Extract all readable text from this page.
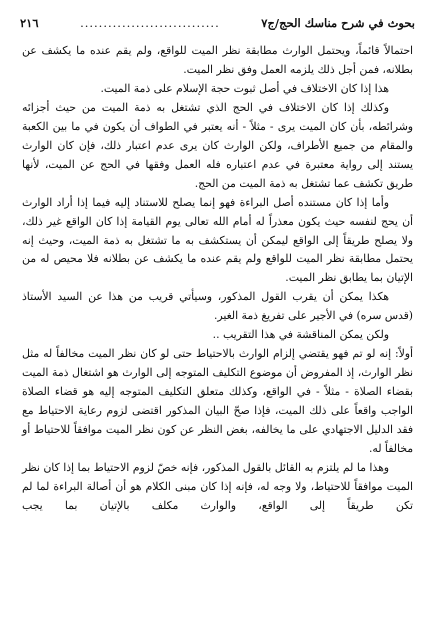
بحوث في شرح مناسك الحج/ج٧
..............................
٢١٦

احتمالاً قائماً، ويحتمل الوارث مطابقة نظر الميت للواقع، ولم يقم عنده ما يكشف عن بطلانه، فمن أجل ذلك يلزمه العمل وفق نظر الميت.

هذا إذا كان الاختلاف في أصل ثبوت حجة الإسلام على ذمة الميت.

وكذلك إذا كان الاختلاف في الحج الذي تشتغل به ذمة الميت من حيث أجزائه وشرائطه، بأن كان الميت يرى - مثلاً - أنه يعتبر في الطواف أن يكون في ما بين الكعبة والمقام من جميع الأطراف، ولكن الوارث كان يرى عدم اعتبار ذلك، فإن كان الوارث يستند إلى رواية معتبرة في عدم اعتباره فله العمل وفقها في الحج عن الميت، لأنها طريق تكشف عما تشتغل به ذمة الميت من الحج.

وأما إذا كان مستنده أصل البراءة فهو إنما يصلح للاستناد إليه فيما إذا أراد الوارث أن يحج لنفسه حيث يكون معذراً له أمام الله تعالى يوم القيامة إذا كان الواقع غير ذلك، ولا يصلح طريقاً إلى الواقع ليمكن أن يستكشف به ما تشتغل به ذمة الميت، وحيث إنه يحتمل مطابقة نظر الميت للواقع ولم يقم عنده ما يكشف عن بطلانه فلا محيص له من الإتيان بما يطابق نظر الميت.

هكذا يمكن أن يقرب القول المذكور، وسيأتي قريب من هذا عن السيد الأستاذ (قدس سره) في الأجير على تفريغ ذمة الغير.

ولكن يمكن المناقشة في هذا التقريب ..

أولاً: إنه لو تم فهو يقتضي إلزام الوارث بالاحتياط حتى لو كان نظر الميت مخالفاً له مثل نظر الوارث، إذ المفروض أن موضوع التكليف المتوجه إلى الوارث هو اشتغال ذمة الميت بقضاء الصلاة - مثلاً - في الواقع، وكذلك متعلق التكليف المتوجه إليه هو قضاء الصلاة الواجب واقعاً على ذلك الميت، فإذا صحّ البيان المذكور اقتضى لزوم رعاية الاحتياط مع فقد الدليل الاجتهادي على ما يخالفه، بغض النظر عن كون نظر الميت موافقاً للاحتياط أو مخالفاً له.

وهذا ما لم يلتزم به القائل بالقول المذكور، فإنه خصّ لزوم الاحتياط بما إذا كان نظر الميت موافقاً للاحتياط، ولا وجه له، فإنه إذا كان مبنى الكلام هو أن أصالة البراءة لما لم تكن طريقاً إلى الواقع، والوارث مكلف بالإتيان بما يجب
